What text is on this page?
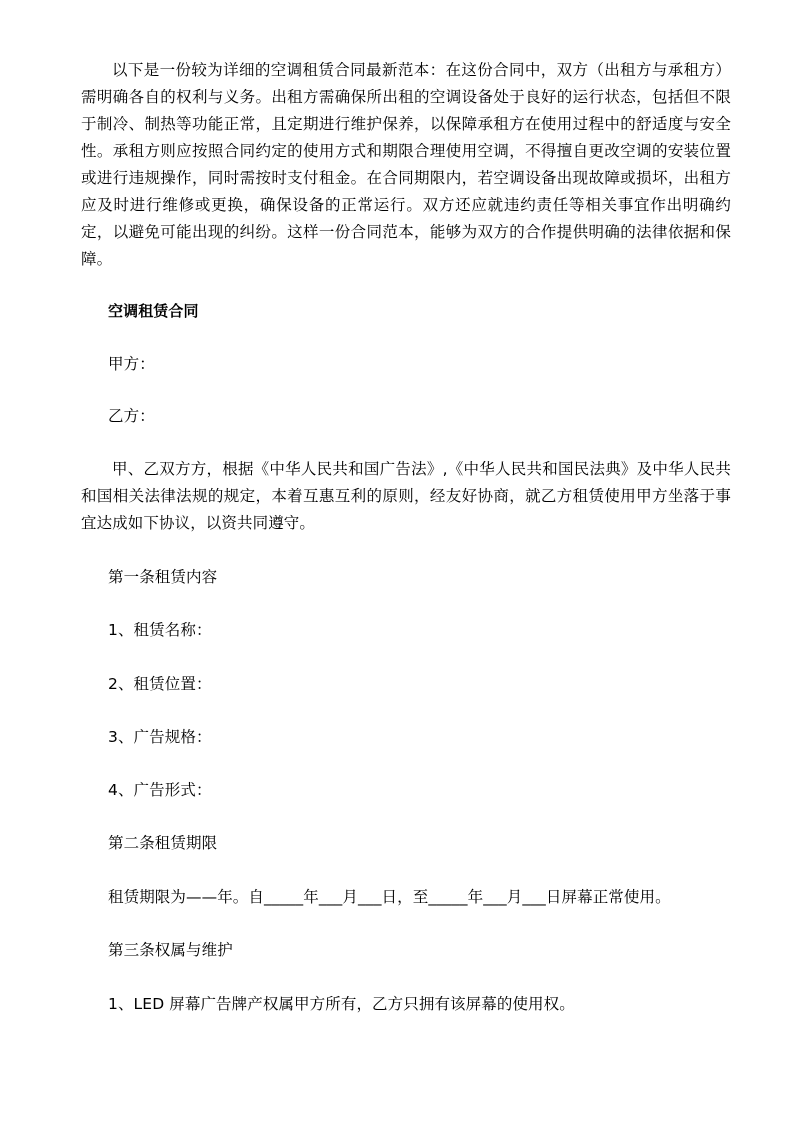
以下是一份较为详细的空调租赁合同最新范本：在这份合同中，双方（出租方与承租方）需明确各自的权利与义务。出租方需确保所出租的空调设备处于良好的运行状态，包括但不限于制冷、制热等功能正常，且定期进行维护保养，以保障承租方在使用过程中的舒适度与安全性。承租方则应按照合同约定的使用方式和期限合理使用空调，不得擅自更改空调的安装位置或进行违规操作，同时需按时支付租金。在合同期限内，若空调设备出现故障或损坏，出租方应及时进行维修或更换，确保设备的正常运行。双方还应就违约责任等相关事宜作出明确约定，以避免可能出现的纠纷。这样一份合同范本，能够为双方的合作提供明确的法律依据和保障。

空调租赁合同

甲方：

乙方：

甲、乙双方方，根据《中华人民共和国广告法》,《中华人民共和国民法典》及中华人民共和国相关法律法规的规定，本着互惠互利的原则，经友好协商，就乙方租赁使用甲方坐落于事宜达成如下协议，以资共同遵守。

第一条租赁内容

1、租赁名称：

2、租赁位置：

3、广告规格：

4、广告形式：

第二条租赁期限

租赁期限为——年。自_____年___月___日，至_____年___月___日屏幕正常使用。

第三条权属与维护

1、LED 屏幕广告牌产权属甲方所有，乙方只拥有该屏幕的使用权。
